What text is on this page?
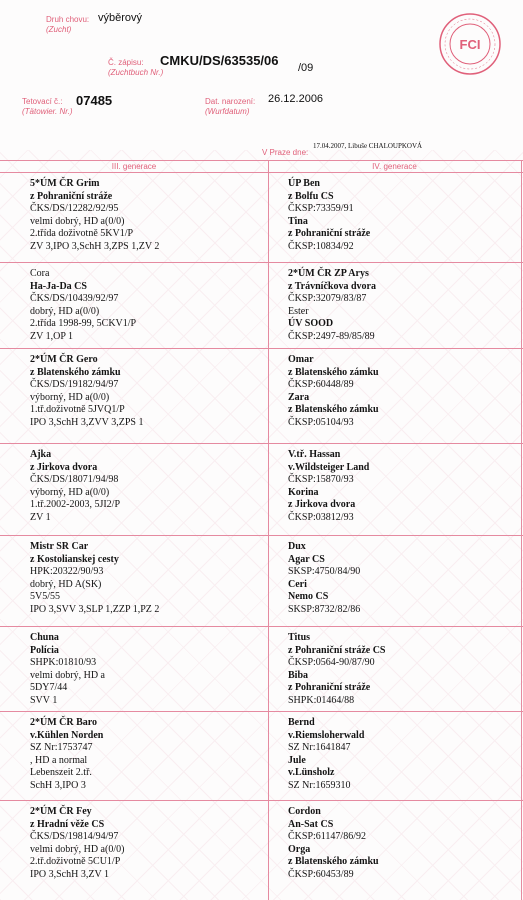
Druh chovu:
(Zucht)
výběrový
Č. zápisu:
(Zuchtbuch Nr.)
CMKU/DS/63535/06 /09
Tetovací č.:
(Tätowier. Nr.)
07485	Dat. narození:
(Wurfdatum)
26.12.2006
V Praze dne:
17.04.2007, Libuše CHALOUPKOVÁ
FCI
III. generace	IV. generace
5*ÚM ČR Grim
z Pohraniční stráže
ČKS/DS/12282/92/95
velmi dobrý, HD a(0/0)
2.třída doživotně 5KV1/P
ZV 3,IPO 3,SchH 3,ZPS 1,ZV 2
ÚP Ben
z Bolfu CS
ČKSP:73359/91
Tina
z Pohraniční stráže
ČKSP:10834/92
Cora
Ha-Ja-Da CS
ČKS/DS/10439/92/97
dobrý, HD a(0/0)
2.třída 1998-99, 5CKV1/P
ZV 1,OP 1
2*ÚM ČR ZP Arys
z Trávníčkova dvora
ČKSP:32079/83/87
Ester
ÚV SOOD
ČKSP:2497-89/85/89
2*ÚM ČR Gero
z Blatenského zámku
ČKS/DS/19182/94/97
výborný, HD a(0/0)
1.tř.doživotně 5JVQ1/P
IPO 3,SchH 3,ZVV 3,ZPS 1
Omar
z Blatenského zámku
ČKSP:60448/89
Zara
z Blatenského zámku
ČKSP:05104/93
Ajka
z Jirkova dvora
ČKS/DS/18071/94/98
výborný, HD a(0/0)
1.tř.2002-2003, 5JI2/P
ZV 1
V.tř. Hassan
v.Wildsteiger Land
ČKSP:15870/93
Korina
z Jirkova dvora
ČKSP:03812/93
Mistr SR Car
z Kostolianskej cesty
HPK:20322/90/93
dobrý, HD A(SK)
5V5/55
IPO 3,SVV 3,SLP 1,ZZP 1,PZ 2
Dux
Agar CS
SKSP:4750/84/90
Ceri
Nemo CS
SKSP:8732/82/86
Chuna
Polícia
SHPK:01810/93
velmi dobrý, HD a
5DY7/44
SVV 1
Titus
z Pohraniční stráže CS
ČKSP:0564-90/87/90
Biba
z Pohraniční stráže
SHPK:01464/88
2*ÚM ČR Baro
v.Kühlen Norden
SZ Nr:1753747
, HD a normal
Lebenszeit 2.tř.
SchH 3,IPO 3
Bernd
v.Riemsloherwald
SZ Nr:1641847
Jule
v.Lünsholz
SZ Nr:1659310
2*ÚM ČR Fey
z Hradní věže CS
ČKS/DS/19814/94/97
velmi dobrý, HD a(0/0)
2.tř.doživotně 5CU1/P
IPO 3,SchH 3,ZV 1
Cordon
An-Sat CS
ČKSP:61147/86/92
Orga
z Blatenského zámku
ČKSP:60453/89
